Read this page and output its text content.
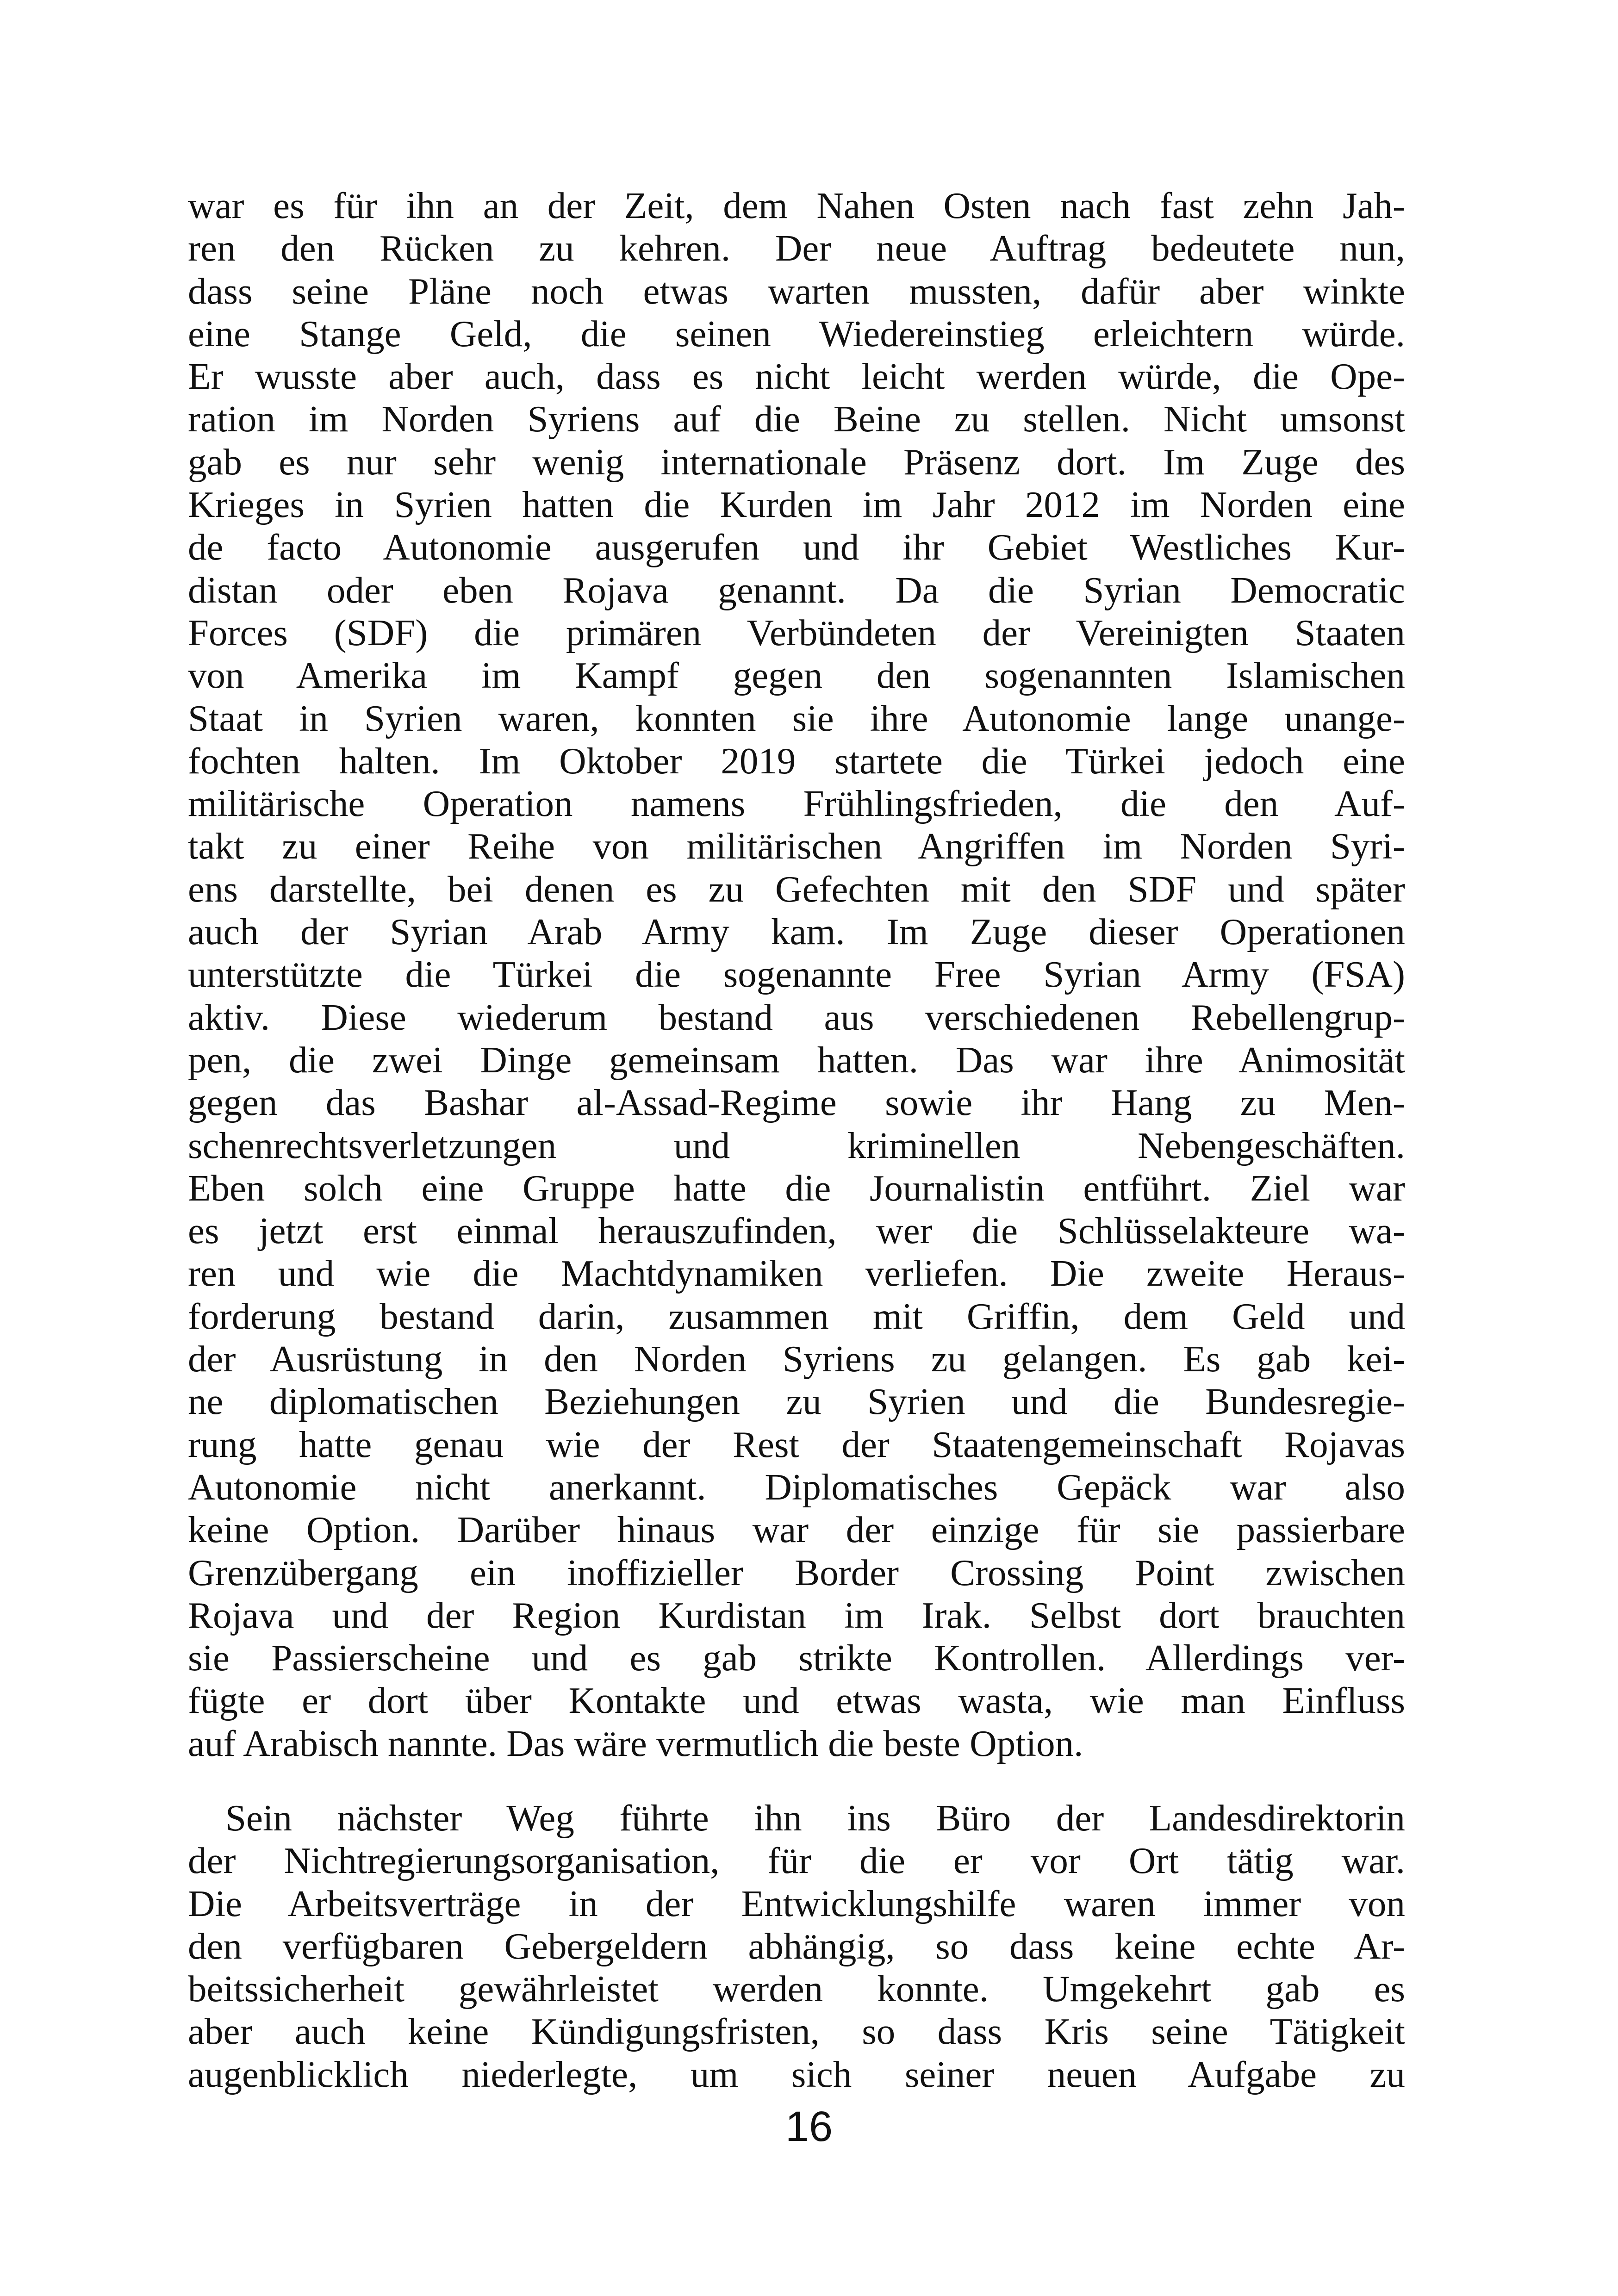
war es für ihn an der Zeit, dem Nahen Osten nach fast zehn Jah-
ren den Rücken zu kehren. Der neue Auftrag bedeutete nun,
dass seine Pläne noch etwas warten mussten, dafür aber winkte
eine Stange Geld, die seinen Wiedereinstieg erleichtern würde.
Er wusste aber auch, dass es nicht leicht werden würde, die Ope-
ration im Norden Syriens auf die Beine zu stellen. Nicht umsonst
gab es nur sehr wenig internationale Präsenz dort. Im Zuge des
Krieges in Syrien hatten die Kurden im Jahr 2012 im Norden eine
de facto Autonomie ausgerufen und ihr Gebiet Westliches Kur-
distan oder eben Rojava genannt. Da die Syrian Democratic
Forces (SDF) die primären Verbündeten der Vereinigten Staaten
von Amerika im Kampf gegen den sogenannten Islamischen
Staat in Syrien waren, konnten sie ihre Autonomie lange unange-
fochten halten. Im Oktober 2019 startete die Türkei jedoch eine
militärische Operation namens Frühlingsfrieden, die den Auf-
takt zu einer Reihe von militärischen Angriffen im Norden Syri-
ens darstellte, bei denen es zu Gefechten mit den SDF und später
auch der Syrian Arab Army kam. Im Zuge dieser Operationen
unterstützte die Türkei die sogenannte Free Syrian Army (FSA)
aktiv. Diese wiederum bestand aus verschiedenen Rebellengrup-
pen, die zwei Dinge gemeinsam hatten. Das war ihre Animosität
gegen das Bashar al-Assad-Regime sowie ihr Hang zu Men-
schenrechtsverletzungen und kriminellen Nebengeschäften.
Eben solch eine Gruppe hatte die Journalistin entführt. Ziel war
es jetzt erst einmal herauszufinden, wer die Schlüsselakteure wa-
ren und wie die Machtdynamiken verliefen. Die zweite Heraus-
forderung bestand darin, zusammen mit Griffin, dem Geld und
der Ausrüstung in den Norden Syriens zu gelangen. Es gab kei-
ne diplomatischen Beziehungen zu Syrien und die Bundesregie-
rung hatte genau wie der Rest der Staatengemeinschaft Rojavas
Autonomie nicht anerkannt. Diplomatisches Gepäck war also
keine Option. Darüber hinaus war der einzige für sie passierbare
Grenzübergang ein inoffizieller Border Crossing Point zwischen
Rojava und der Region Kurdistan im Irak. Selbst dort brauchten
sie Passierscheine und es gab strikte Kontrollen. Allerdings ver-
fügte er dort über Kontakte und etwas wasta, wie man Einfluss
auf Arabisch nannte. Das wäre vermutlich die beste Option.
Sein nächster Weg führte ihn ins Büro der Landesdirektorin
der Nichtregierungsorganisation, für die er vor Ort tätig war.
Die Arbeitsverträge in der Entwicklungshilfe waren immer von
den verfügbaren Gebergeldern abhängig, so dass keine echte Ar-
beitssicherheit gewährleistet werden konnte. Umgekehrt gab es
aber auch keine Kündigungsfristen, so dass Kris seine Tätigkeit
augenblicklich niederlegte, um sich seiner neuen Aufgabe zu
16
